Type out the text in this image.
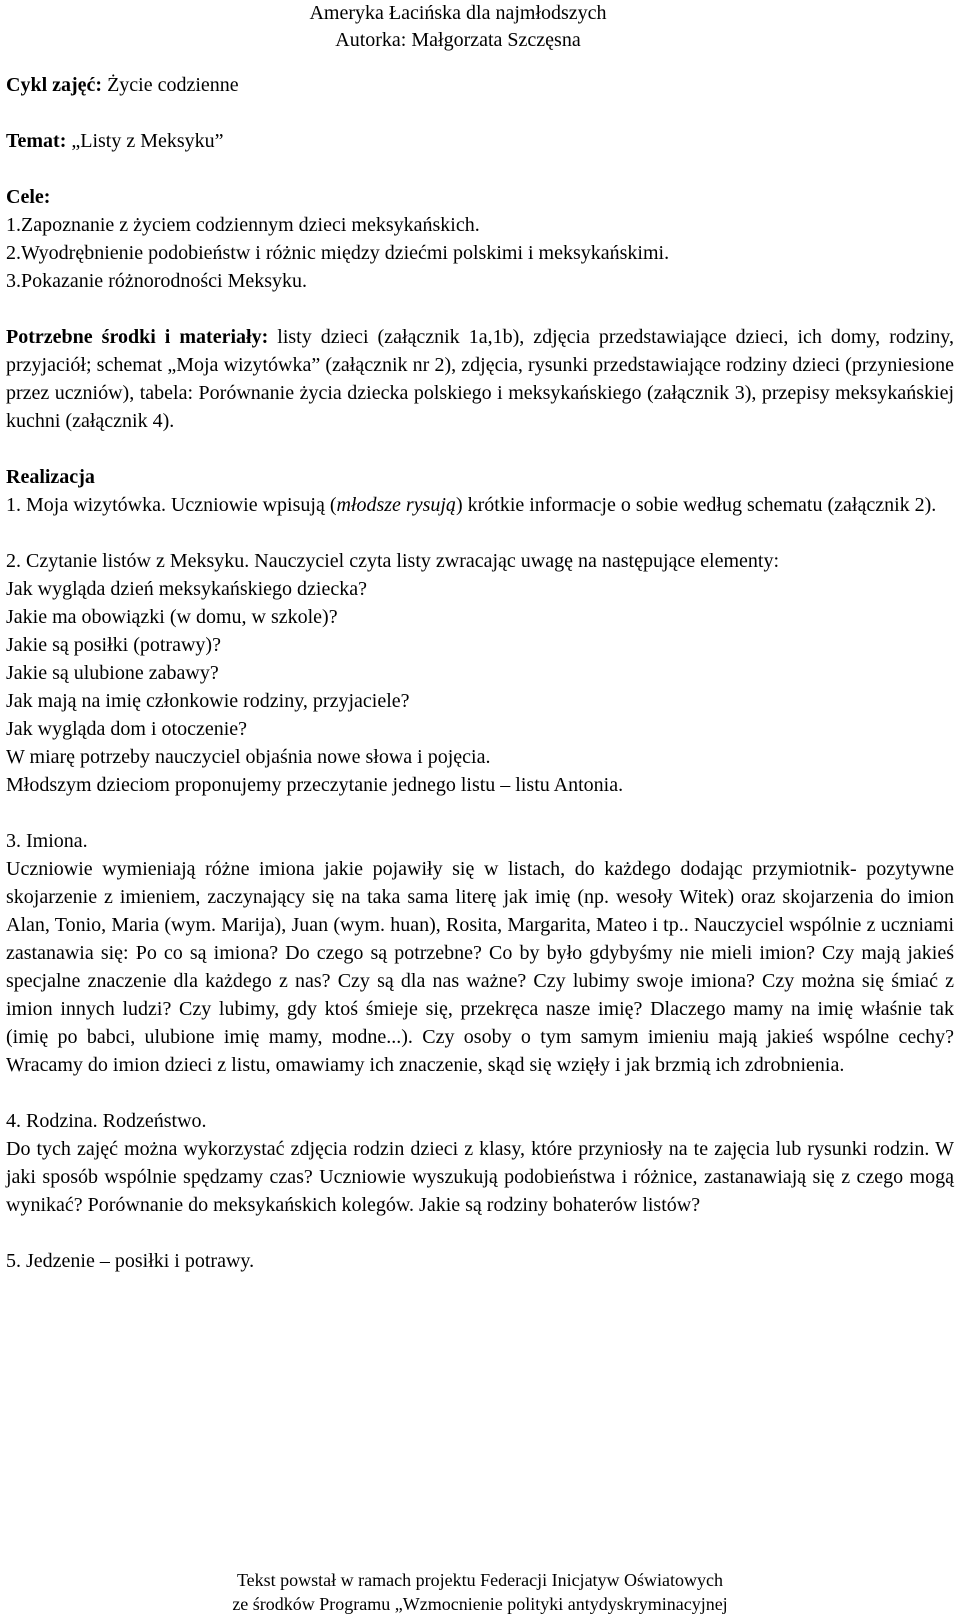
Ameryka Łacińska dla najmłodszych
Autorka: Małgorzata Szczęsna

Cykl zajęć: Życie codzienne

Temat: „Listy z Meksyku”

Cele:

1.Zapoznanie z życiem codziennym dzieci meksykańskich.

2.Wyodrębnienie podobieństw i różnic między dziećmi polskimi i meksykańskimi.

3.Pokazanie różnorodności Meksyku.

Potrzebne środki i materiały: listy dzieci (załącznik 1a,1b), zdjęcia przedstawiające dzieci, ich domy, rodziny, przyjaciół; schemat „Moja wizytówka” (załącznik nr 2), zdjęcia, rysunki przedstawiające rodziny dzieci (przyniesione przez uczniów), tabela: Porównanie życia dziecka polskiego i meksykańskiego (załącznik 3), przepisy meksykańskiej kuchni (załącznik 4).

Realizacja

1. Moja wizytówka. Uczniowie wpisują (młodsze rysują) krótkie informacje o sobie według schematu (załącznik 2).

2. Czytanie listów z Meksyku. Nauczyciel czyta listy zwracając uwagę na następujące elementy:

Jak wygląda dzień meksykańskiego dziecka?

Jakie ma obowiązki (w domu, w szkole)?

Jakie są posiłki (potrawy)?

Jakie są ulubione zabawy?

Jak mają na imię członkowie rodziny, przyjaciele?

Jak wygląda dom i otoczenie?

W miarę potrzeby nauczyciel objaśnia nowe słowa i pojęcia.

Młodszym dzieciom proponujemy przeczytanie jednego listu – listu Antonia.

3. Imiona.

Uczniowie wymieniają różne imiona jakie pojawiły się w listach, do każdego dodając przymiotnik- pozytywne skojarzenie z imieniem, zaczynający się na taka sama literę jak imię (np. wesoły Witek) oraz skojarzenia do imion Alan, Tonio, Maria (wym. Marija), Juan (wym. huan), Rosita, Margarita, Mateo i tp.. Nauczyciel wspólnie z uczniami zastanawia się: Po co są imiona? Do czego są potrzebne? Co by było gdybyśmy nie mieli imion? Czy mają jakieś specjalne znaczenie dla każdego z nas? Czy są dla nas ważne? Czy lubimy swoje imiona? Czy można się śmiać z imion innych ludzi? Czy lubimy, gdy ktoś śmieje się, przekręca nasze imię? Dlaczego mamy na imię właśnie tak (imię po babci, ulubione imię mamy, modne...). Czy osoby o tym samym imieniu mają jakieś wspólne cechy? Wracamy do imion dzieci z listu, omawiamy ich znaczenie, skąd się wzięły i jak brzmią ich zdrobnienia.

4. Rodzina. Rodzeństwo.

Do tych zajęć można wykorzystać zdjęcia rodzin dzieci z klasy, które przyniosły na te zajęcia lub rysunki rodzin. W jaki sposób wspólnie spędzamy czas? Uczniowie wyszukują podobieństwa i różnice, zastanawiają się z czego mogą wynikać? Porównanie do meksykańskich kolegów. Jakie są rodziny bohaterów listów?

5. Jedzenie – posiłki i potrawy.

Tekst powstał w ramach projektu Federacji Inicjatyw Oświatowych
ze środków Programu „Wzmocnienie polityki antydyskryminacyjnej
